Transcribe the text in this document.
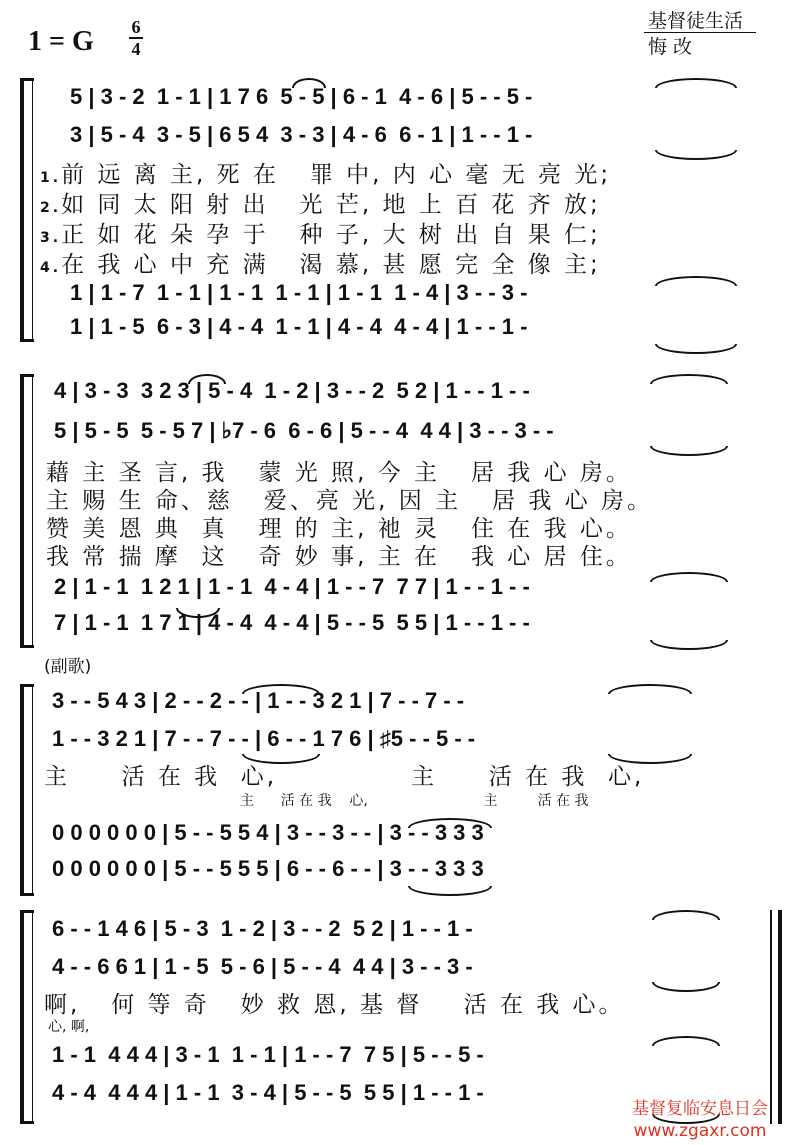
1 = G 6
4
基督徒生活
悔 改
5 | 3 - 2  1 - 1 | 1 7 6  5 - 5 | 6 - 1  4 - 6 | 5 - - 5 -
3 | 5 - 4  3 - 5 | 6 5 4  3 - 3 | 4 - 6  6 - 1 | 1 - - 1 -
1.前 远 离 主, 死 在   罪 中, 内 心 毫 无 亮 光;
2.如 同 太 阳 射 出   光 芒, 地 上 百 花 齐 放;
3.正 如 花 朵 孕 于   种 子, 大 树 出 自 果 仁;
4.在 我 心 中 充 满   渴 慕, 甚 愿 完 全 像 主;
1 | 1 - 7  1 - 1 | 1 - 1  1 - 1 | 1 - 1  1 - 4 | 3 - - 3 -
1 | 1 - 5  6 - 3 | 4 - 4  1 - 1 | 4 - 4  4 - 4 | 1 - - 1 -
4 | 3 - 3  3 2 3 | 5 - 4  1 - 2 | 3 - - 2  5 2 | 1 - - 1 - -
5 | 5 - 5  5 - 5 7 | ♭7 - 6  6 - 6 | 5 - - 4  4 4 | 3 - - 3 - -
藉 主 圣 言, 我   蒙 光 照, 今 主   居 我 心 房。
主 赐 生 命、慈   爱、亮 光, 因 主   居 我 心 房。
赞 美 恩 典  真   理 的 主, 祂 灵   住 在 我 心。
我 常 揣 摩  这   奇 妙 事, 主 在   我 心 居 住。
2 | 1 - 1  1 2 1 | 1 - 1  4 - 4 | 1 - - 7  7 7 | 1 - - 1 - -
7 | 1 - 1  1 7 1 | 4 - 4  4 - 4 | 5 - - 5  5 5 | 1 - - 1 - -
(副歌)
3 - - 5 4 3 | 2 - - 2 - - | 1 - - 3 2 1 | 7 - - 7 - -
1 - - 3 2 1 | 7 - - 7 - - | 6 - - 1 7 6 | ♯5 - - 5 - -
主     活 在 我  心,             主     活 在 我  心,
主      活 在 我    心,                          主         活 在 我
0 0 0 0 0 0 | 5 - - 5 5 4 | 3 - - 3 - - | 3 - - 3 3 3
0 0 0 0 0 0 | 5 - - 5 5 5 | 6 - - 6 - - | 3 - - 3 3 3
6 - - 1 4 6 | 5 - 3  1 - 2 | 3 - - 2  5 2 | 1 - - 1 -
4 - - 6 6 1 | 1 - 5  5 - 6 | 5 - - 4  4 4 | 3 - - 3 -
啊,   何 等 奇   妙 救 恩, 基 督    活 在 我 心。
心, 啊,
1 - 1  4 4 4 | 3 - 1  1 - 1 | 1 - - 7  7 5 | 5 - - 5 -
4 - 4  4 4 4 | 1 - 1  3 - 4 | 5 - - 5  5 5 | 1 - - 1 -
基督复临安息日会
www.zgaxr.com
